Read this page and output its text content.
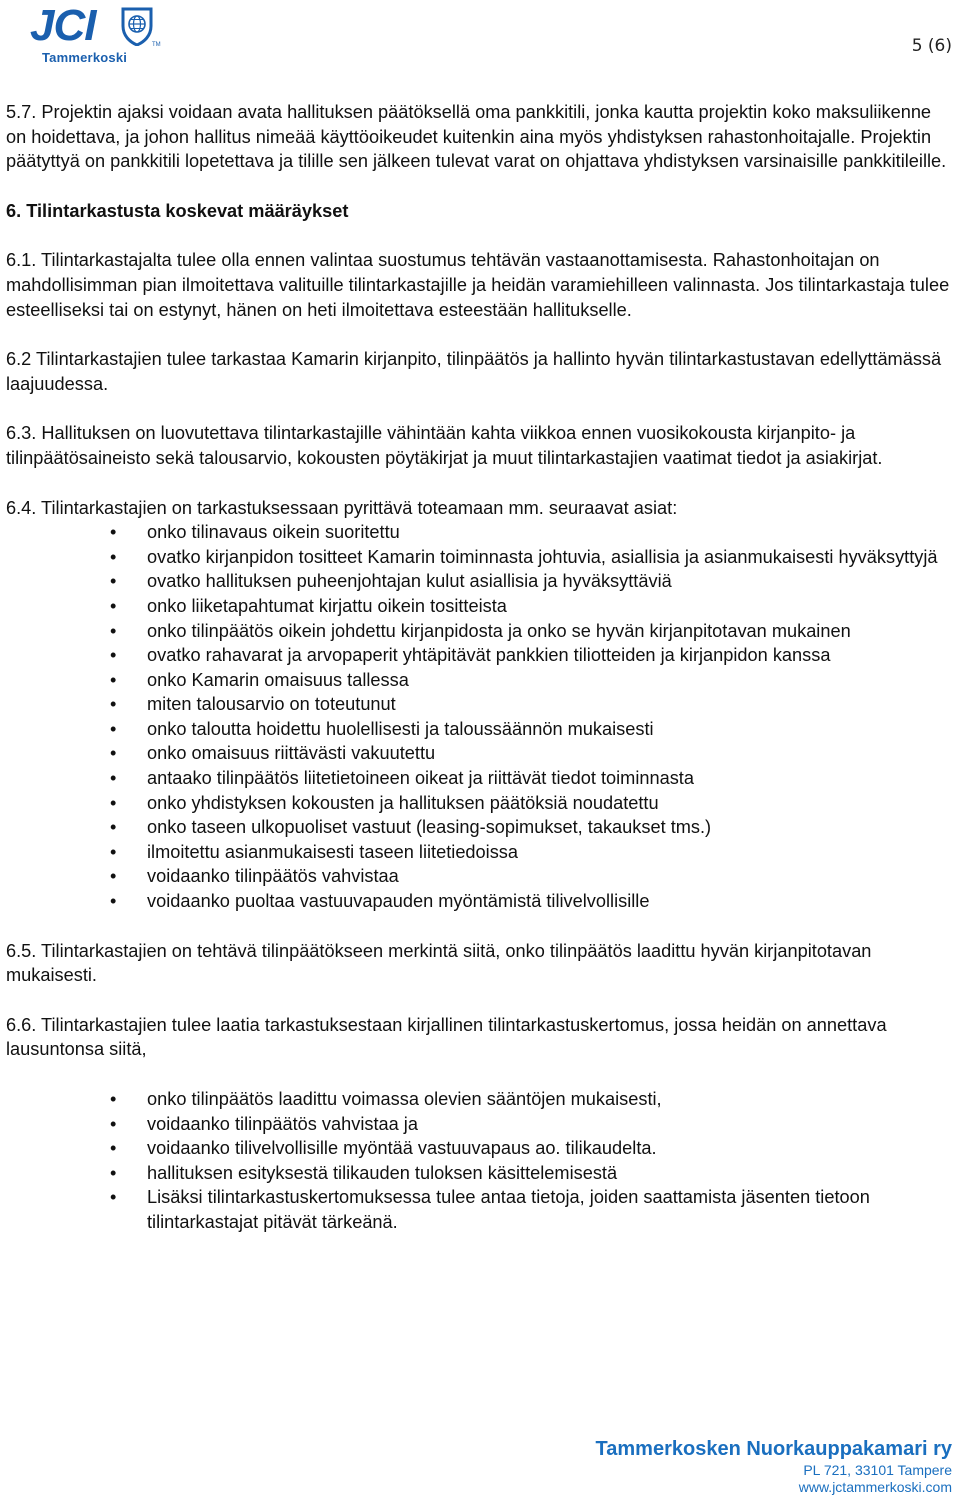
JCI	TM
Tammerkoski
5 (6)

5.7. Projektin ajaksi voidaan avata hallituksen päätöksellä oma pankkitili, jonka kautta projektin koko maksuliikenne on hoidettava, ja johon hallitus nimeää käyttöoikeudet kuitenkin aina myös yhdistyksen rahastonhoitajalle. Projektin päätyttyä on pankkitili lopetettava ja tilille sen jälkeen tulevat varat on ohjattava yhdistyksen varsinaisille pankkitileille.

6. Tilintarkastusta koskevat määräykset

6.1. Tilintarkastajalta tulee olla ennen valintaa suostumus tehtävän vastaanottamisesta. Rahastonhoitajan on mahdollisimman pian ilmoitettava valituille tilintarkastajille ja heidän varamiehilleen valinnasta. Jos tilintarkastaja tulee esteelliseksi tai on estynyt, hänen on heti ilmoitettava esteestään hallitukselle.

6.2 Tilintarkastajien tulee tarkastaa Kamarin kirjanpito, tilinpäätös ja hallinto hyvän tilintarkastustavan edellyttämässä laajuudessa.

6.3. Hallituksen on luovutettava tilintarkastajille vähintään kahta viikkoa ennen vuosikokousta kirjanpito- ja tilinpäätösaineisto sekä talousarvio, kokousten pöytäkirjat ja muut tilintarkastajien vaatimat tiedot ja asiakirjat.

6.4. Tilintarkastajien on tarkastuksessaan pyrittävä toteamaan mm. seuraavat asiat:

• onko tilinavaus oikein suoritettu
• ovatko kirjanpidon tositteet Kamarin toiminnasta johtuvia, asiallisia ja asianmukaisesti hyväksyttyjä
• ovatko hallituksen puheenjohtajan kulut asiallisia ja hyväksyttäviä
• onko liiketapahtumat kirjattu oikein tositteista
• onko tilinpäätös oikein johdettu kirjanpidosta ja onko se hyvän kirjanpitotavan mukainen
• ovatko rahavarat ja arvopaperit yhtäpitävät pankkien tiliotteiden ja kirjanpidon kanssa
• onko Kamarin omaisuus tallessa
• miten talousarvio on toteutunut
• onko taloutta hoidettu huolellisesti ja taloussäännön mukaisesti
• onko omaisuus riittävästi vakuutettu
• antaako tilinpäätös liitetietoineen oikeat ja riittävät tiedot toiminnasta
• onko yhdistyksen kokousten ja hallituksen päätöksiä noudatettu
• onko taseen ulkopuoliset vastuut (leasing-sopimukset, takaukset tms.)
• ilmoitettu asianmukaisesti taseen liitetiedoissa
• voidaanko tilinpäätös vahvistaa
• voidaanko puoltaa vastuuvapauden myöntämistä tilivelvollisille

6.5. Tilintarkastajien on tehtävä tilinpäätökseen merkintä siitä, onko tilinpäätös laadittu hyvän kirjanpitotavan mukaisesti.

6.6. Tilintarkastajien tulee laatia tarkastuksestaan kirjallinen tilintarkastuskertomus, jossa heidän on annettava lausuntonsa siitä,

• onko tilinpäätös laadittu voimassa olevien sääntöjen mukaisesti,
• voidaanko tilinpäätös vahvistaa ja
• voidaanko tilivelvollisille myöntää vastuuvapaus ao. tilikaudelta.
• hallituksen esityksestä tilikauden tuloksen käsittelemisestä
• Lisäksi tilintarkastuskertomuksessa tulee antaa tietoja, joiden saattamista jäsenten tietoon tilintarkastajat pitävät tärkeänä.
Tammerkosken Nuorkauppakamari ry
PL 721, 33101 Tampere
www.jctammerkoski.com
